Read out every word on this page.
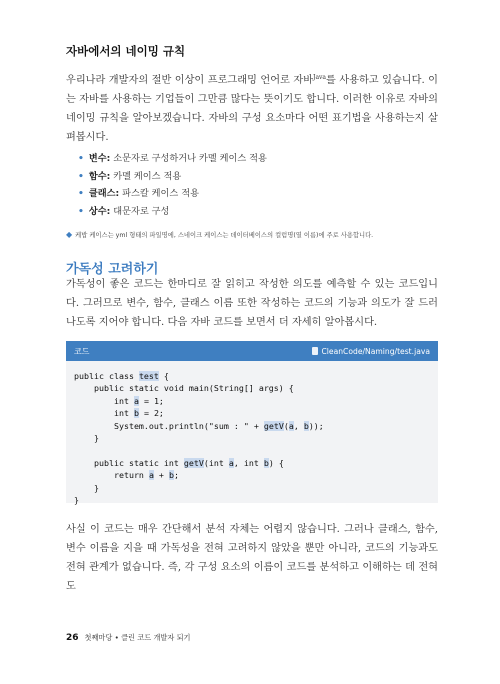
자바에서의 네이밍 규칙

우리나라 개발자의 절반 이상이 프로그래밍 언어로 자바$^{Java}$를 사용하고 있습니다. 이는 자바를 사용하는 기업들이 그만큼 많다는 뜻이기도 합니다. 이러한 이유로 자바의 네이밍 규칙을 알아보겠습니다. 자바의 구성 요소마다 어떤 표기법을 사용하는지 살펴봅시다.

• 변수: 소문자로 구성하거나 카멜 케이스 적용
• 함수: 카멜 케이스 적용
• 클래스: 파스칼 케이스 적용
• 상수: 대문자로 구성
◆ 케밥 케이스는 yml 형태의 파일명에, 스네이크 케이스는 데이터베이스의 컬럼명(열 이름)에 주로 사용합니다.
가독성 고려하기

가독성이 좋은 코드는 한마디로 잘 읽히고 작성한 의도를 예측할 수 있는 코드입니다. 그러므로 변수, 함수, 클래스 이름 또한 작성하는 코드의 기능과 의도가 잘 드러나도록 지어야 합니다. 다음 자바 코드를 보면서 더 자세히 알아봅시다.

코드	CleanCode/Naming/test.java
public class test {
public static void main(String[] args) {
int a = 1;
int b = 2;
System.out.println("sum : " + getV(a, b));
}

public static int getV(int a, int b) {
return a + b;
}
}

사실 이 코드는 매우 간단해서 분석 자체는 어렵지 않습니다. 그러나 클래스, 함수, 변수 이름을 지을 때 가독성을 전혀 고려하지 않았을 뿐만 아니라, 코드의 기능과도 전혀 관계가 없습니다. 즉, 각 구성 요소의 이름이 코드를 분석하고 이해하는 데 전혀 도

26 첫째마당 • 클린 코드 개발자 되기
